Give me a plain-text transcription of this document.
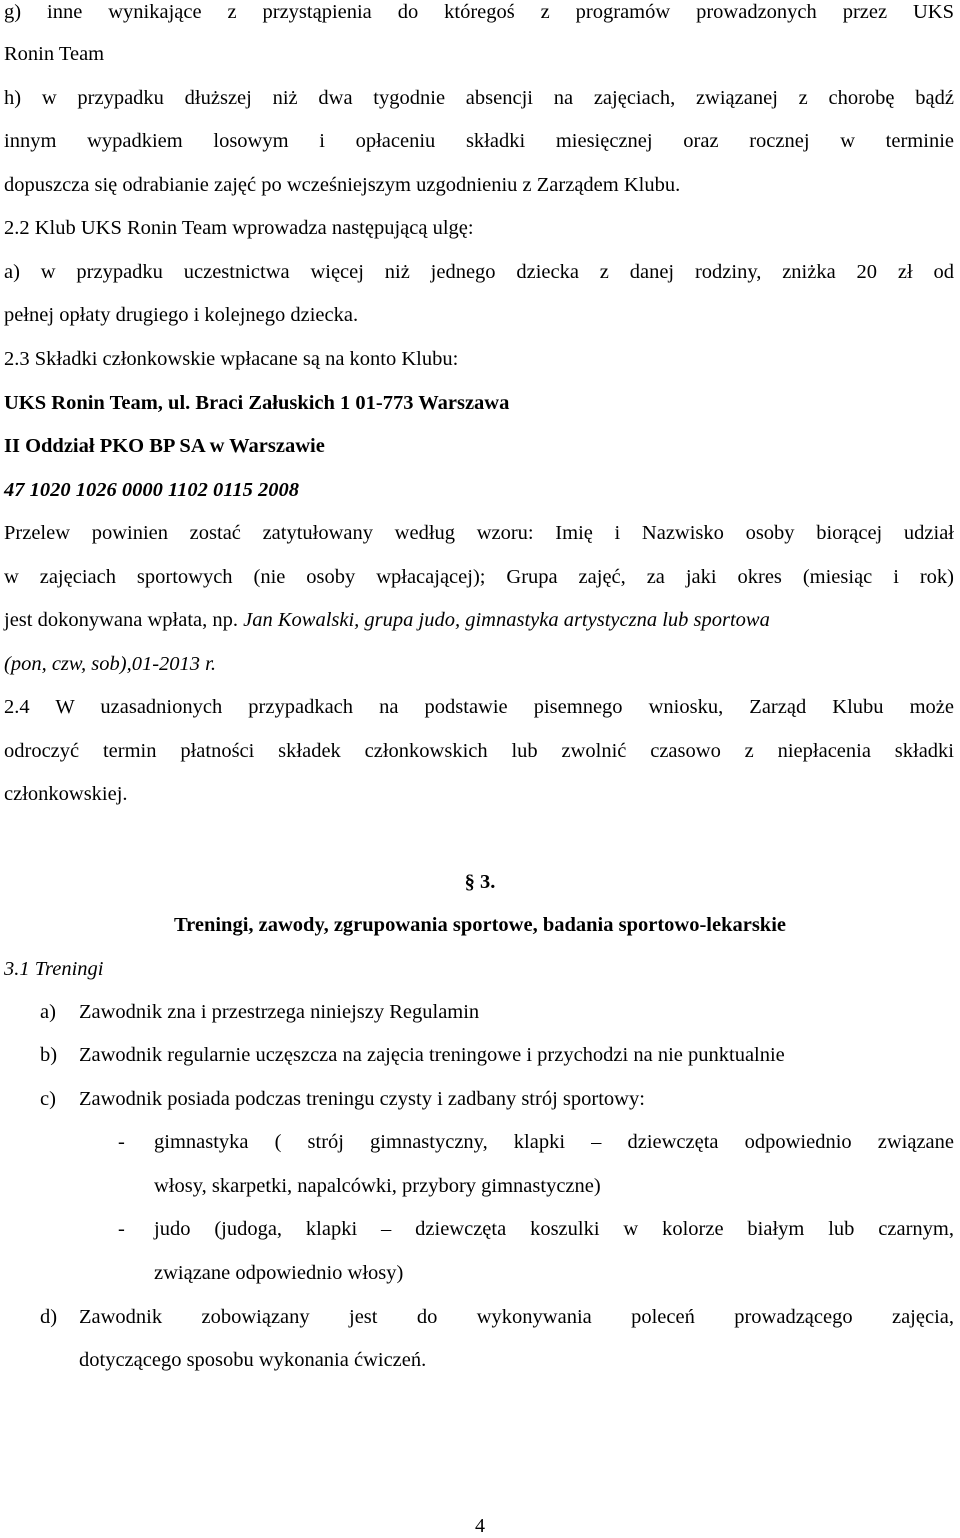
g) inne wynikające z przystąpienia do któregoś z programów prowadzonych przez UKS
Ronin Team
h) w przypadku dłuższej niż dwa tygodnie absencji na zajęciach, związanej z chorobę bądź
innym wypadkiem losowym i opłaceniu składki miesięcznej oraz rocznej w terminie
dopuszcza się odrabianie zajęć po wcześniejszym uzgodnieniu z Zarządem Klubu.
2.2 Klub UKS Ronin Team wprowadza następującą ulgę:
a) w przypadku uczestnictwa więcej niż jednego dziecka z danej rodziny, zniżka 20 zł od
pełnej opłaty drugiego i kolejnego dziecka.
2.3 Składki członkowskie wpłacane są na konto Klubu:
UKS Ronin Team, ul. Braci Załuskich 1 01-773 Warszawa
II Oddział PKO BP SA w Warszawie
47 1020 1026 0000 1102 0115 2008
Przelew powinien zostać zatytułowany według wzoru: Imię i Nazwisko osoby biorącej udział
w zajęciach sportowych (nie osoby wpłacającej); Grupa zajęć, za jaki okres (miesiąc i rok)
jest dokonywana wpłata, np. Jan Kowalski, grupa judo, gimnastyka artystyczna lub sportowa
(pon, czw, sob),01-2013 r.
2.4 W uzasadnionych przypadkach na podstawie pisemnego wniosku, Zarząd Klubu może
odroczyć termin płatności składek członkowskich lub zwolnić czasowo z niepłacenia składki
członkowskiej.
§ 3.
Treningi, zawody, zgrupowania sportowe, badania sportowo-lekarskie
3.1 Treningi
a) Zawodnik zna i przestrzega niniejszy Regulamin
b) Zawodnik regularnie uczęszcza na zajęcia treningowe i przychodzi na nie punktualnie
c) Zawodnik posiada podczas treningu czysty i zadbany strój sportowy:
- gimnastyka ( strój gimnastyczny, klapki – dziewczęta odpowiednio związane
włosy, skarpetki, napalcówki, przybory gimnastyczne)
- judo (judoga, klapki – dziewczęta koszulki w kolorze białym lub czarnym,
związane odpowiednio włosy)
d) Zawodnik zobowiązany jest do wykonywania poleceń prowadzącego zajęcia,
dotyczącego sposobu wykonania ćwiczeń.
4
